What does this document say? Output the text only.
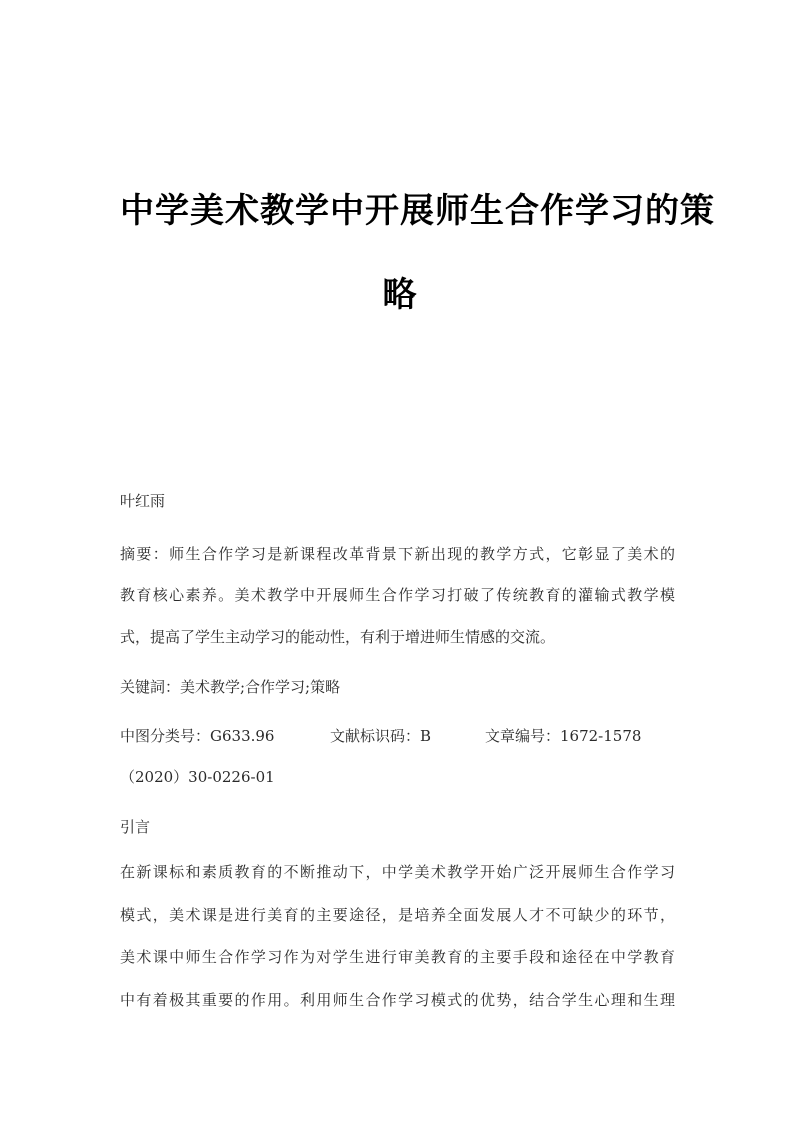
中学美术教学中开展师生合作学习的策
略
叶红雨
摘要：师生合作学习是新课程改革背景下新出现的教学方式，它彰显了美术的
教育核心素养。美术教学中开展师生合作学习打破了传统教育的灌输式教学模
式，提高了学生主动学习的能动性，有利于增进师生情感的交流。
关键詞：美术教学;合作学习;策略
中图分类号：G633.96	文献标识码：B	文章编号：1672-1578
（2020）30-0226-01
引言
在新课标和素质教育的不断推动下，中学美术教学开始广泛开展师生合作学习
模式，美术课是进行美育的主要途径，是培养全面发展人才不可缺少的环节，
美术课中师生合作学习作为对学生进行审美教育的主要手段和途径在中学教育
中有着极其重要的作用。利用师生合作学习模式的优势，结合学生心理和生理
